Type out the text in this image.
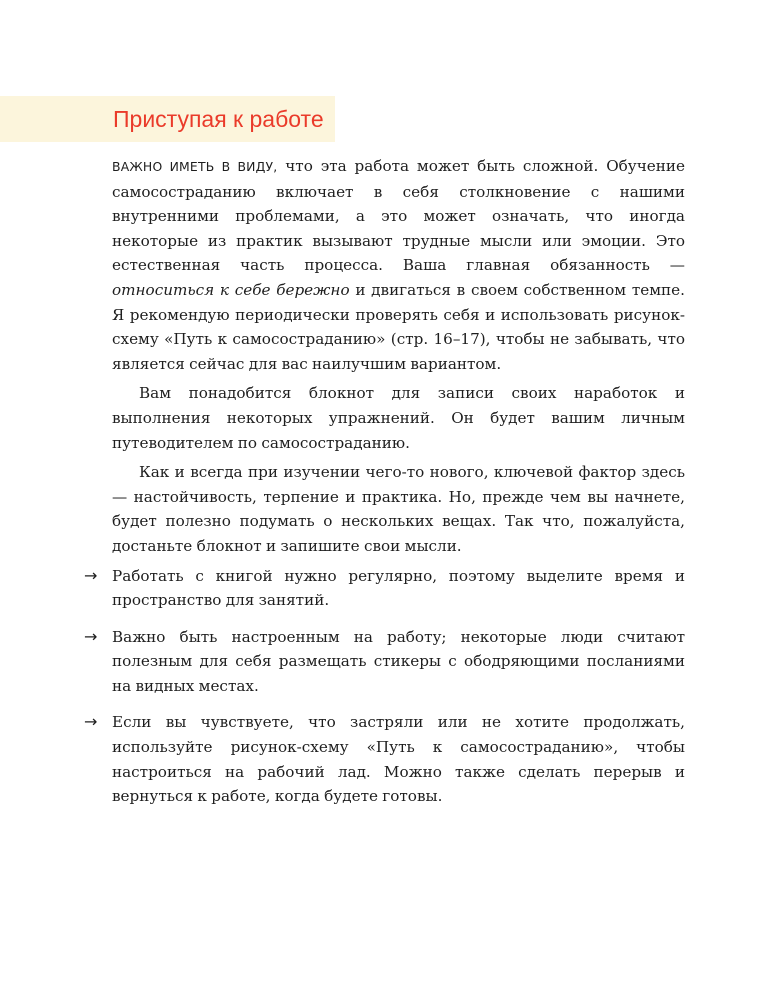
Приступая к работе

ВАЖНО ИМЕТЬ В ВИДУ, что эта работа может быть сложной. Обучение самосостраданию включает в себя столкновение с нашими внутренними проблемами, а это может означать, что иногда некоторые из практик вызывают трудные мысли или эмоции. Это естественная часть процесса. Ваша главная обязанность — относиться к себе бережно и двигаться в своем собственном темпе. Я рекомендую периодически проверять себя и использовать рисунок-схему «Путь к самосостраданию» (стр. 16–17), чтобы не забывать, что является сейчас для вас наилучшим вариантом.

Вам понадобится блокнот для записи своих наработок и выполнения некоторых упражнений. Он будет вашим личным путеводителем по самосостраданию.

Как и всегда при изучении чего-то нового, ключевой фактор здесь — настойчивость, терпение и практика. Но, прежде чем вы начнете, будет полезно подумать о нескольких вещах. Так что, пожалуйста, достаньте блокнот и запишите свои мысли.

→ Работать с книгой нужно регулярно, поэтому выделите время и пространство для занятий.
→ Важно быть настроенным на работу; некоторые люди считают полезным для себя размещать стикеры с ободряющими посланиями на видных местах.
→ Если вы чувствуете, что застряли или не хотите продолжать, используйте рисунок-схему «Путь к самосостраданию», чтобы настроиться на рабочий лад. Можно также сделать перерыв и вернуться к работе, когда будете готовы.
